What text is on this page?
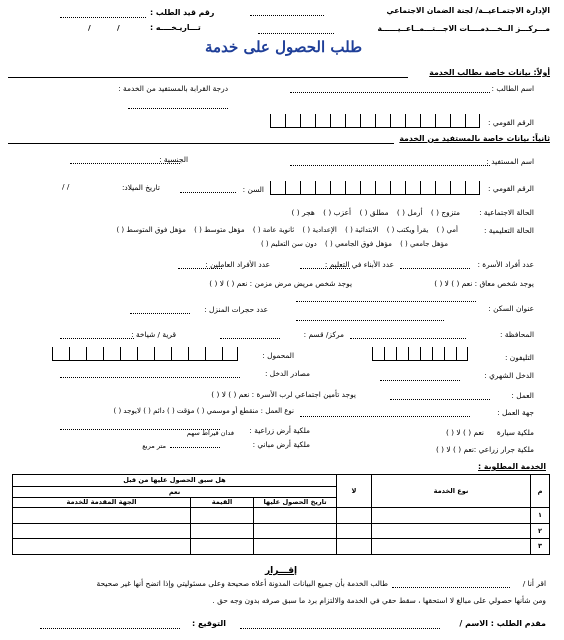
الإدارة الاجتمـاعيــة/ لجنة الضمان الاجتماعي
مـــركـــز الــخـــدمــــات الاجـــتـــمــاعــيــــــة
رقم قيد الطلب :
تـــاريـخــــه :
/
/
طلب الحصول على خدمة
أولاً: بيانات خاصة بطالب الخدمة
اسم الطالب :
درجة القرابة بالمستفيد من الخدمة :
الرقم القومي :
ثانياً: بيانات خاصة بالمستفيد من الخدمة
اسم المستفيد :
الجنسية :
الرقم القومي :
السن :
تاريخ الميلاد:
/ /
الحالة الاجتماعية :
متزوج ( ) أرمل ( ) مطلق ( ) أعزب ( ) هجر ( )
الحالة التعليمية :
أمي ( ) يقرأ ويكتب ( ) الابتدائية ( ) الإعدادية ( ) ثانوية عامة ( ) مؤهل متوسط ( ) مؤهل فوق المتوسط ( )
مؤهل جامعي ( ) مؤهل فوق الجامعي ( ) دون سن التعليم ( )
عدد أفراد الأسرة :
عدد الأبناء في التعليم :
عدد الأفراد العاملين :
يوجد شخص معاق : نعم ( ) لا ( )
يوجد شخص مريض مرض مزمن : نعم ( ) لا ( )
عنوان السكن :
عدد حجرات المنزل :
المحافظة :
مركز/ قسم :
قرية / شياخة :
التليفون :
المحمول :
الدخل الشهري :
مصادر الدخل :
العمل :
يوجد تأمين اجتماعي لرب الأسرة : نعم ( ) لا ( )
جهة العمل :
نوع العمل : منقطع أو موسمي ( ) مؤقت ( ) دائم ( ) لايوجد ( )
ملكية سيارة
نعم ( ) لا ( )
ملكية أرض زراعية :
فدان قيراط سهم
ملكية جرار زراعي :
نعم ( ) لا ( )
ملكية أرض مباني :
متر مربع
الخدمة المطلوبة :
م	نوع الخدمة	لا	هل سبق الحصول عليها من قبل		
			نعم		
			تاريخ الحصول عليها	القيمة	الجهة المقدمة للخدمة
١					
٢					
٣					
إقـــرار
اقر أنا /
طالب الخدمة بأن جميع البيانات المدونة أعلاه صحيحة وعلى مسئوليتي وإذا اتضح أنها غير صحيحة
ومن شأنها حصولي على مبالغ لا استحقها ، سقط حقي في الخدمة والالتزام برد ما سبق صرفه بدون وجه حق .
مقدم الطلب : الاسم /
التوقيع :
